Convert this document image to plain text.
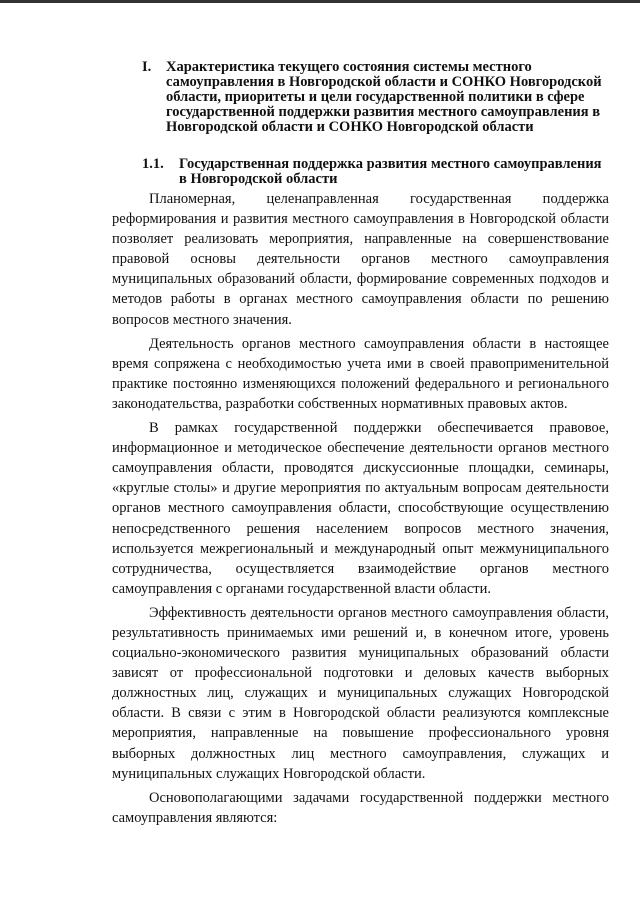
I.	Характеристика текущего состояния системы местного самоуправления в Новгородской области и СОНКО Новгородской области, приоритеты и цели государственной политики в сфере государственной поддержки развития местного самоуправления в Новгородской области и СОНКО Новгородской области
1.1.	Государственная поддержка развития местного самоуправления в Новгородской области

Планомерная, целенаправленная государственная поддержка реформирования и развития местного самоуправления в Новгородской области позволяет реализовать мероприятия, направленные на совершенствование правовой основы деятельности органов местного самоуправления муниципальных образований области, формирование современных подходов и методов работы в органах местного самоуправления области по решению вопросов местного значения.

Деятельность органов местного самоуправления области в настоящее время сопряжена с необходимостью учета ими в своей правоприменительной практике постоянно изменяющихся положений федерального и регионального законодательства, разработки собственных нормативных правовых актов.

В рамках государственной поддержки обеспечивается правовое, информационное и методическое обеспечение деятельности органов местного самоуправления области, проводятся дискуссионные площадки, семинары, «круглые столы» и другие мероприятия по актуальным вопросам деятельности органов местного самоуправления области, способствующие осуществлению непосредственного решения населением вопросов местного значения, используется межрегиональный и международный опыт межмуниципального сотрудничества, осуществляется взаимодействие органов местного самоуправления с органами государственной власти области.

Эффективность деятельности органов местного самоуправления области, результативность принимаемых ими решений и, в конечном итоге, уровень социально-экономического развития муниципальных образований области зависят от профессиональной подготовки и деловых качеств выборных должностных лиц, служащих и муниципальных служащих Новгородской области. В связи с этим в Новгородской области реализуются комплексные мероприятия, направленные на повышение профессионального уровня выборных должностных лиц местного самоуправления, служащих и муниципальных служащих Новгородской области.

Основополагающими задачами государственной поддержки местного самоуправления являются:
